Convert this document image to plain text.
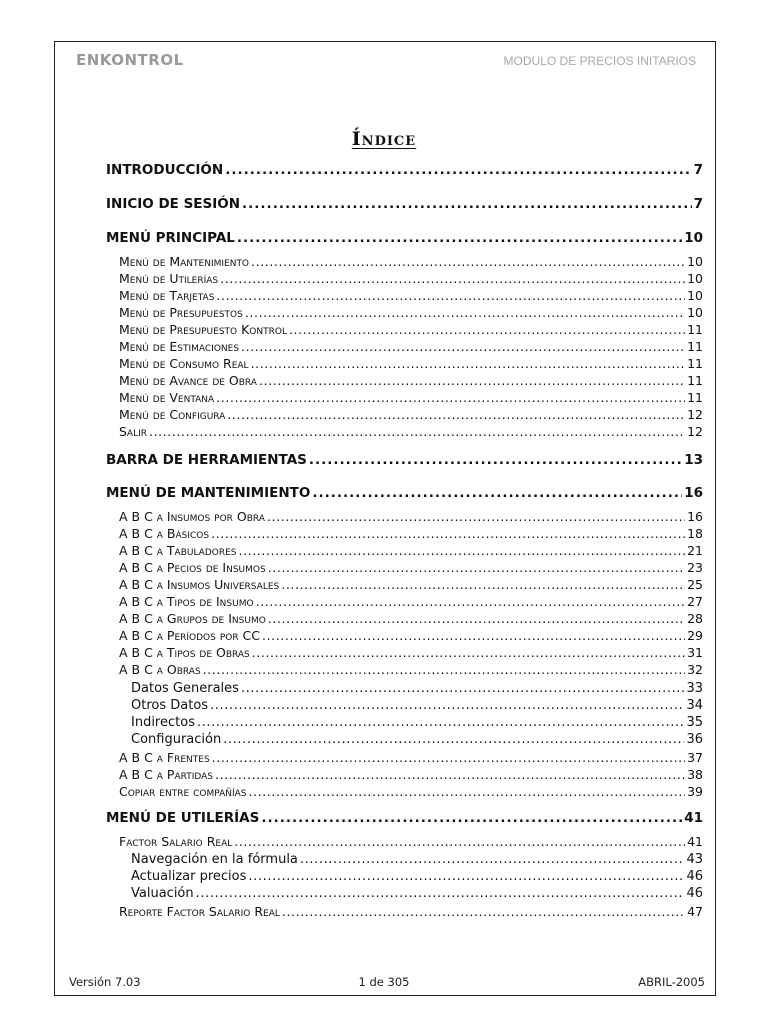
ENKONTROL	MODULO DE PRECIOS INITARIOS
Índice
INTRODUCCIÓN .....	7
INICIO DE SESIÓN .....	7
MENÚ PRINCIPAL .....	10
Menú de Mantenimiento .....	10
Menú de Utilerías .....	10
Menú de Tarjetas .....	10
Menú de Presupuestos .....	10
Menú de Presupuesto Kontrol .....	11
Menú de Estimaciones .....	11
Menú de Consumo Real .....	11
Menú de Avance de Obra .....	11
Menú de Ventana .....	11
Menú de Configura .....	12
Salir .....	12
BARRA DE HERRAMIENTAS .....	13
MENÚ DE MANTENIMIENTO .....	16
A B C a Insumos por Obra .....	16
A B C a Básicos .....	18
A B C a Tabuladores .....	21
A B C a Pecios de Insumos .....	23
A B C a Insumos Universales .....	25
A B C a Tipos de Insumo .....	27
A B C a Grupos de Insumo .....	28
A B C a Períodos por CC .....	29
A B C a Tipos de Obras .....	31
A B C a Obras .....	32
Datos Generales .....	33
Otros Datos .....	34
Indirectos .....	35
Configuración .....	36
A B C a Frentes .....	37
A B C a Partidas .....	38
Copiar entre compañías .....	39
MENÚ DE UTILERÍAS .....	41
Factor Salario Real .....	41
Navegación en la fórmula .....	43
Actualizar precios .....	46
Valuación .....	46
Reporte Factor Salario Real .....	47
Versión 7.03	1 de 305	ABRIL-2005
